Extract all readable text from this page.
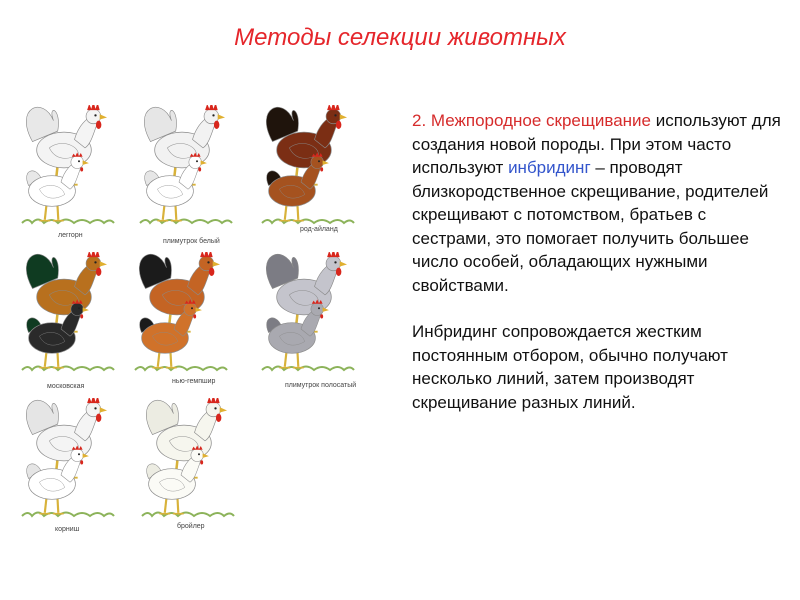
Методы селекции животных
2. Межпородное скрещивание используют для создания новой породы. При этом часто используют инбридинг – проводят близкородственное скрещивание, родителей скрещивают с потомством, братьев с сестрами, это помогает получить большее число особей, обладающих нужными свойствами.
Инбридинг сопровождается жестким постоянным отбором, обычно получают несколько линий, затем производят скрещивание разных линий.
леггорн
плимутрок белый
род-айланд
московская
нью-гемпшир
плимутрок полосатый
корниш	бройлер
